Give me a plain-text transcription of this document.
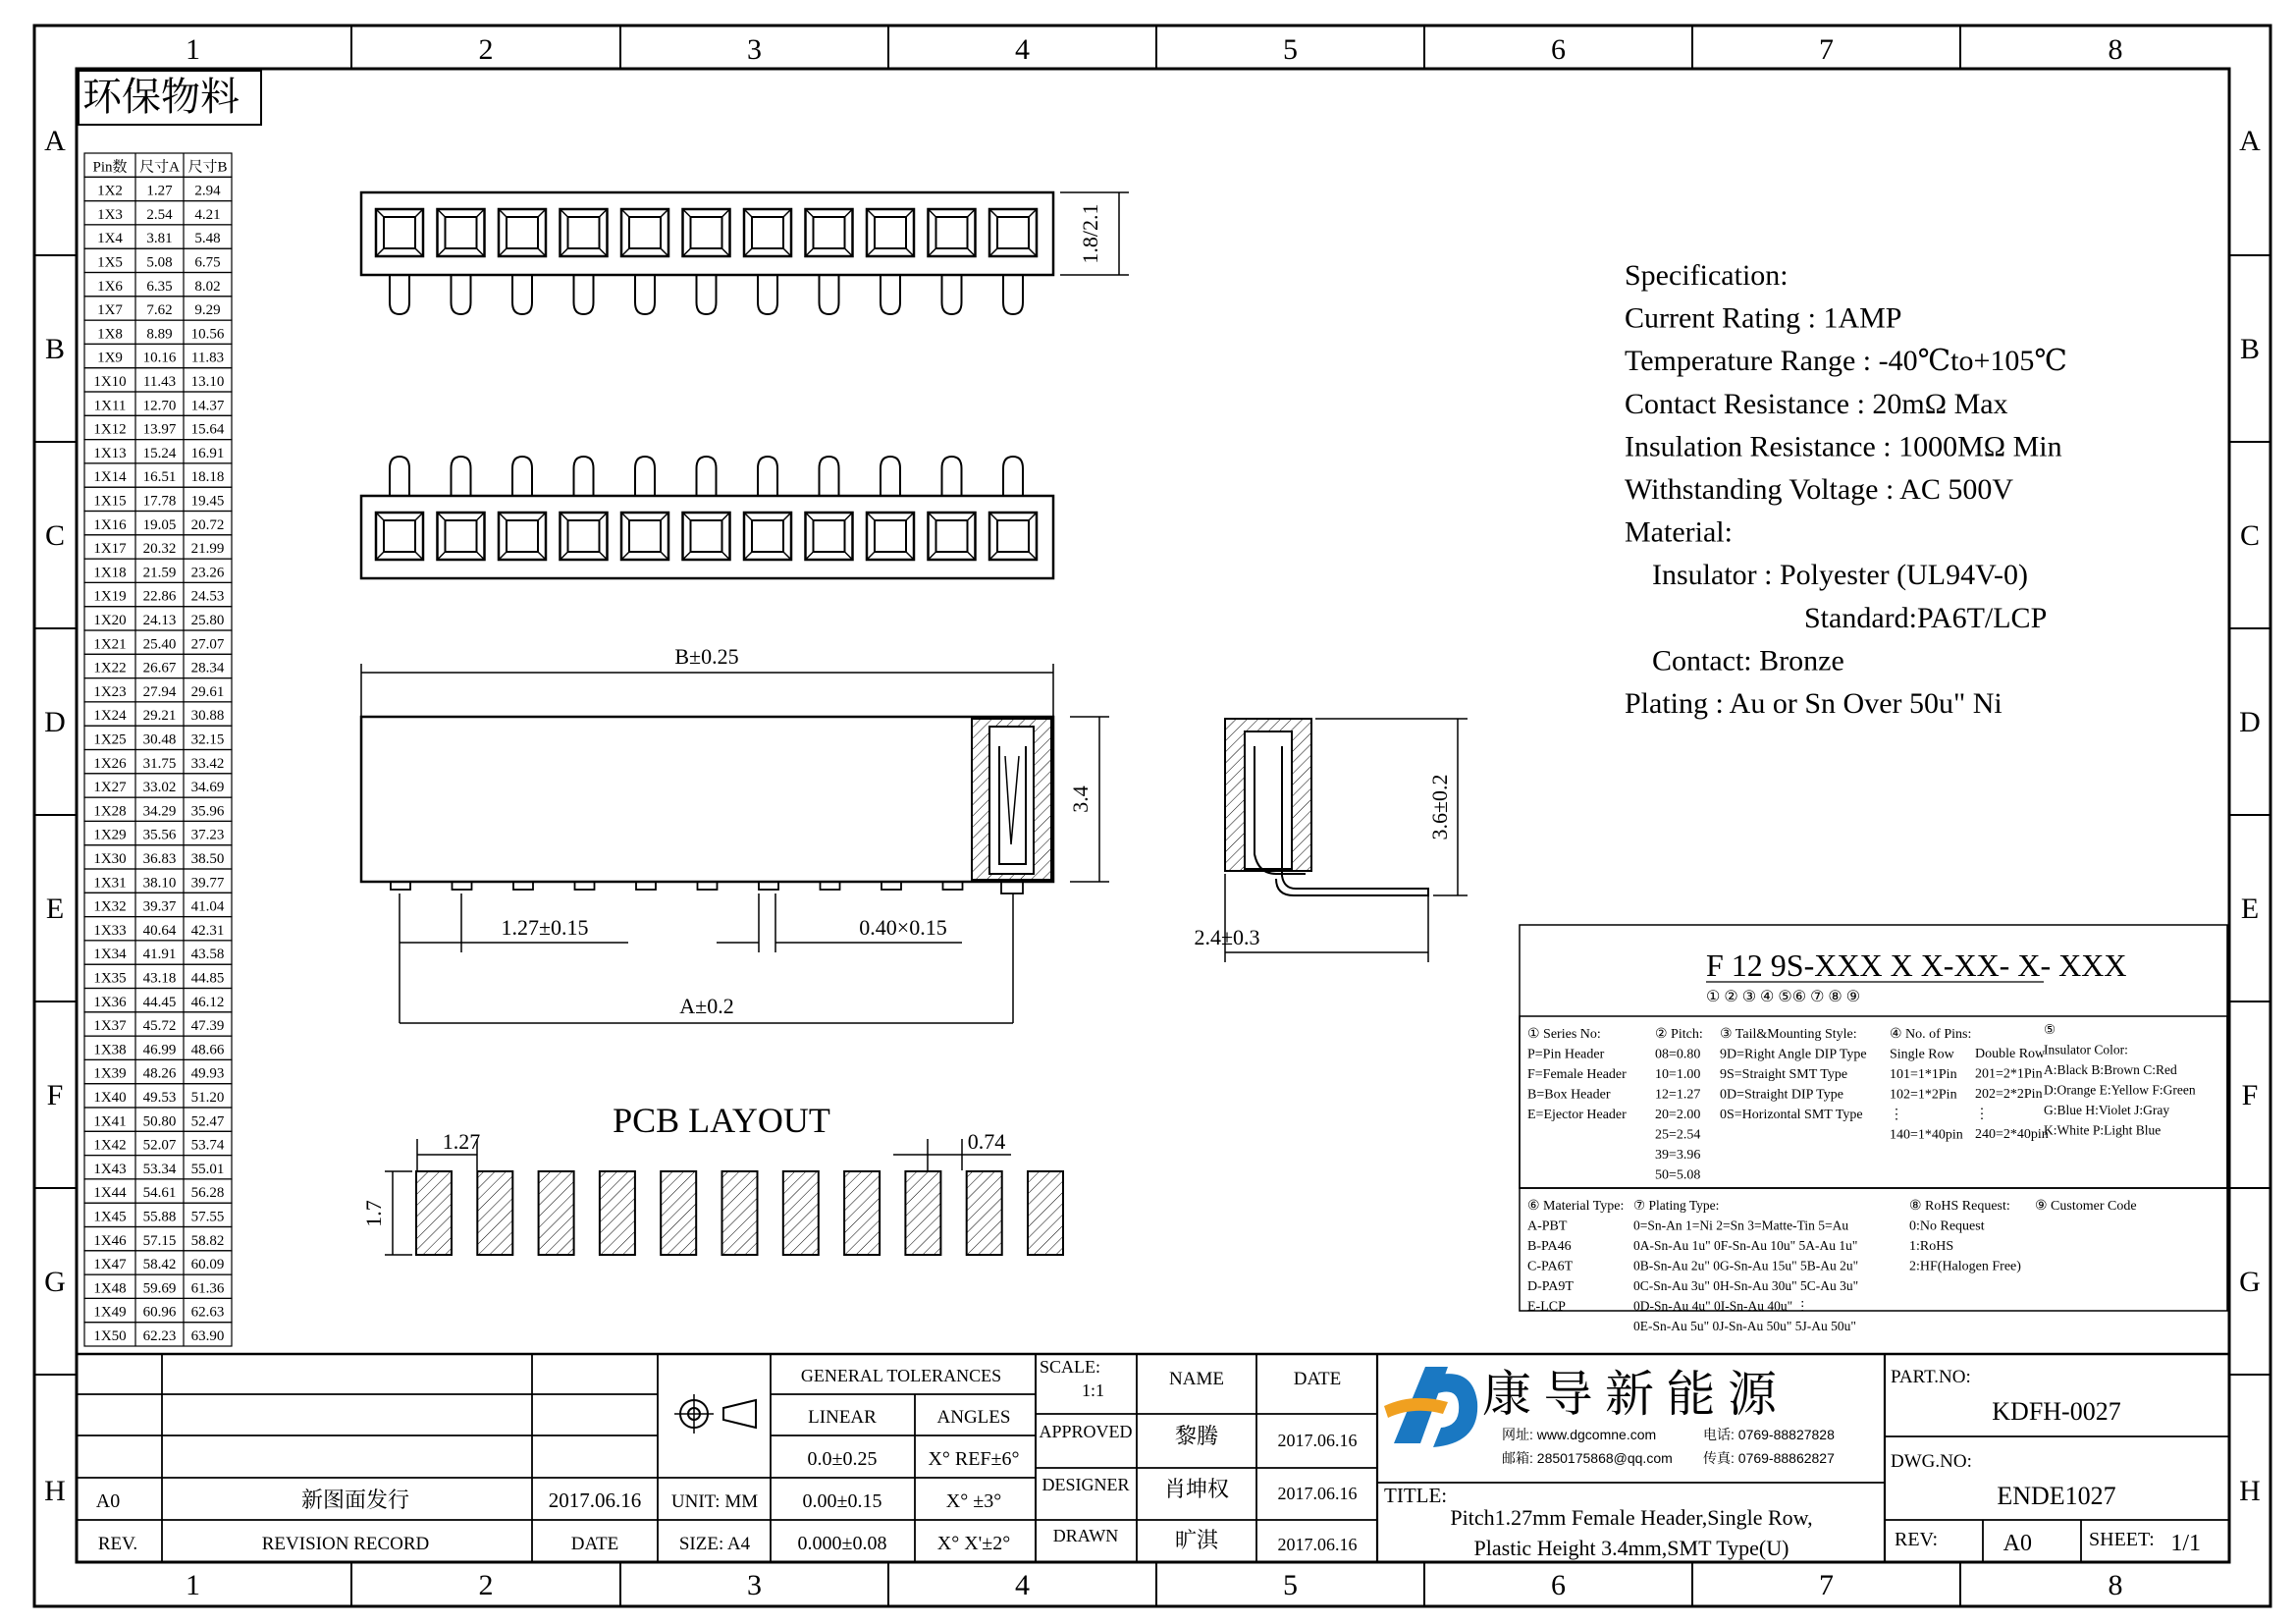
1
1
2
2
3
3
4
4
5
5
6
6
7
7
8
8
A	A
B	B
C	C
D	D
E	E
F	F
G	G
H	H
环保物料
Pin数 尺寸A 尺寸B
1X2 1.27 2.94
1X3 2.54 4.21
1X4 3.81 5.48
1X5 5.08 6.75
1X6 6.35 8.02
1X7 7.62 9.29
1X8 8.89 10.56
1X9 10.16 11.83
1X10 11.43 13.10
1X11 12.70 14.37
1X12 13.97 15.64
1X13 15.24 16.91
1X14 16.51 18.18
1X15 17.78 19.45
1X16 19.05 20.72
1X17 20.32 21.99
1X18 21.59 23.26
1X19 22.86 24.53
1X20 24.13 25.80
1X21 25.40 27.07
1X22 26.67 28.34
1X23 27.94 29.61
1X24 29.21 30.88
1X25 30.48 32.15
1X26 31.75 33.42
1X27 33.02 34.69
1X28 34.29 35.96
1X29 35.56 37.23
1X30 36.83 38.50
1X31 38.10 39.77
1X32 39.37 41.04
1X33 40.64 42.31
1X34 41.91 43.58
1X35 43.18 44.85
1X36 44.45 46.12
1X37 45.72 47.39
1X38 46.99 48.66
1X39 48.26 49.93
1X40 49.53 51.20
1X41 50.80 52.47
1X42 52.07 53.74
1X43 53.34 55.01
1X44 54.61 56.28
1X45 55.88 57.55
1X46 57.15 58.82
1X47 58.42 60.09
1X48 59.69 61.36
1X49 60.96 62.63
1X50 62.23 63.90
1.8/2.1
B±0.25
3.4
1.27±0.15	0.40×0.15
A±0.2
3.6±0.2
2.4±0.3
PCB LAYOUT
1.27	0.74
1.7
Specification:
Current Rating : 1AMP
Temperature Range : -40℃to+105℃
Contact Resistance : 20mΩ Max
Insulation Resistance : 1000MΩ Min
Withstanding Voltage : AC 500V
Material:
Insulator : Polyester (UL94V-0)
Standard:PA6T/LCP
Contact: Bronze
Plating : Au or Sn Over 50u" Ni
F 12 9S-XXX X X-XX- X- XXX
① ② ③ ④ ⑤⑥ ⑦ ⑧ ⑨
① Series No:
P=Pin Header
F=Female Header
B=Box Header
E=Ejector Header
② Pitch:
08=0.80
10=1.00
12=1.27
20=2.00
25=2.54
39=3.96
50=5.08
③ Tail&Mounting Style:
9D=Right Angle DIP Type
9S=Straight SMT Type
0D=Straight DIP Type
0S=Horizontal SMT Type
④ No. of Pins:
Single Row
101=1*1Pin
102=1*2Pin
⋮
140=1*40pin
Double Row
201=2*1Pin
202=2*2Pin
⋮
240=2*40pin
⑤
Insulator Color:
A:Black B:Brown C:Red
D:Orange E:Yellow F:Green
G:Blue H:Violet J:Gray
K:White P:Light Blue
⑥ Material Type:
A-PBT
B-PA46
C-PA6T
D-PA9T
E-LCP
⑦ Plating Type:
0=Sn-An 1=Ni 2=Sn 3=Matte-Tin 5=Au
0A-Sn-Au 1u" 0F-Sn-Au 10u" 5A-Au 1u"
0B-Sn-Au 2u" 0G-Sn-Au 15u" 5B-Au 2u"
0C-Sn-Au 3u" 0H-Sn-Au 30u" 5C-Au 3u"
0D-Sn-Au 4u" 0I-Sn-Au 40u" ⋮
0E-Sn-Au 5u" 0J-Sn-Au 50u" 5J-Au 50u"
⑧ RoHS Request:
0:No Request
1:RoHS
2:HF(Halogen Free)
⑨ Customer Code
A0	新图面发行	2017.06.16
REV.	REVISION RECORD	DATE
GENERAL TOLERANCES
LINEAR	ANGLES
0.0±0.25	X° REF±6°
0.00±0.15	X° ±3°
0.000±0.08	X° X'±2°
UNIT: MM
SIZE: A4
SCALE:
1:1
NAME	DATE
APPROVED 黎腾	2017.06.16
DESIGNER 肖坤权	2017.06.16
DRAWN	旷淇	2017.06.16
康 导 新 能 源
网址: www.dgcomne.com	电话: 0769-88827828
邮箱: 2850175868@qq.com 传真: 0769-88862827
TITLE:
Pitch1.27mm Female Header,Single Row,
Plastic Height 3.4mm,SMT Type(U)
PART.NO:
KDFH-0027
DWG.NO:
ENDE1027
REV:	A0	SHEET: 1/1
